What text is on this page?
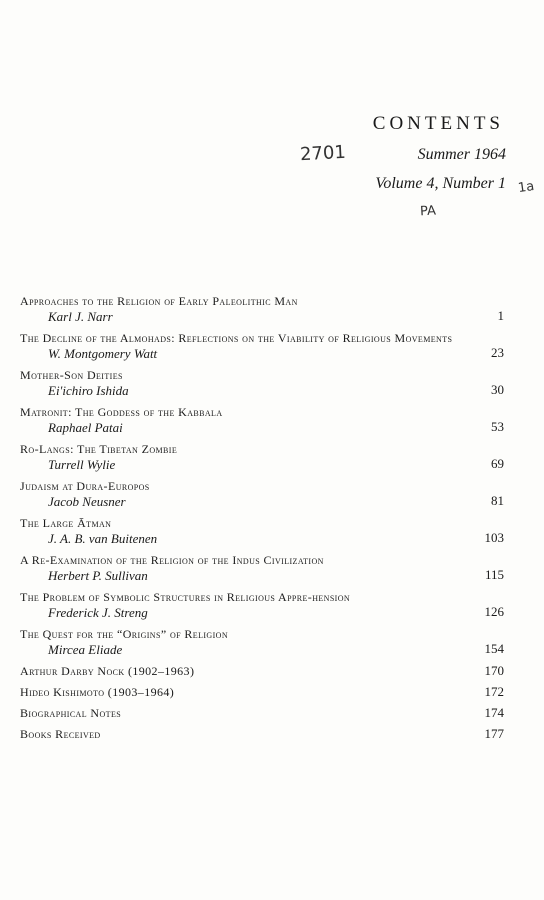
CONTENTS
Summer 1964
Volume 4, Number 1
2701
1a
PA
Approaches to the Religion of Early Paleolithic Man
Karl J. Narr	1
The Decline of the Almohads: Reflections on the Viability of Religious Movements
W. Montgomery Watt	23
Mother-Son Deities
Ei'ichiro Ishida	30
Matronit: The Goddess of the Kabbala
Raphael Patai	53
Ro-Langs: The Tibetan Zombie
Turrell Wylie	69
Judaism at Dura-Europos
Jacob Neusner	81
The Large Ātman
J. A. B. van Buitenen	103
A Re-Examination of the Religion of the Indus Civilization
Herbert P. Sullivan	115
The Problem of Symbolic Structures in Religious Appre-hension
Frederick J. Streng	126
The Quest for the “Origins” of Religion
Mircea Eliade	154
Arthur Darby Nock (1902–1963)	170
Hideo Kishimoto (1903–1964)	172
Biographical Notes	174
Books Received	177
